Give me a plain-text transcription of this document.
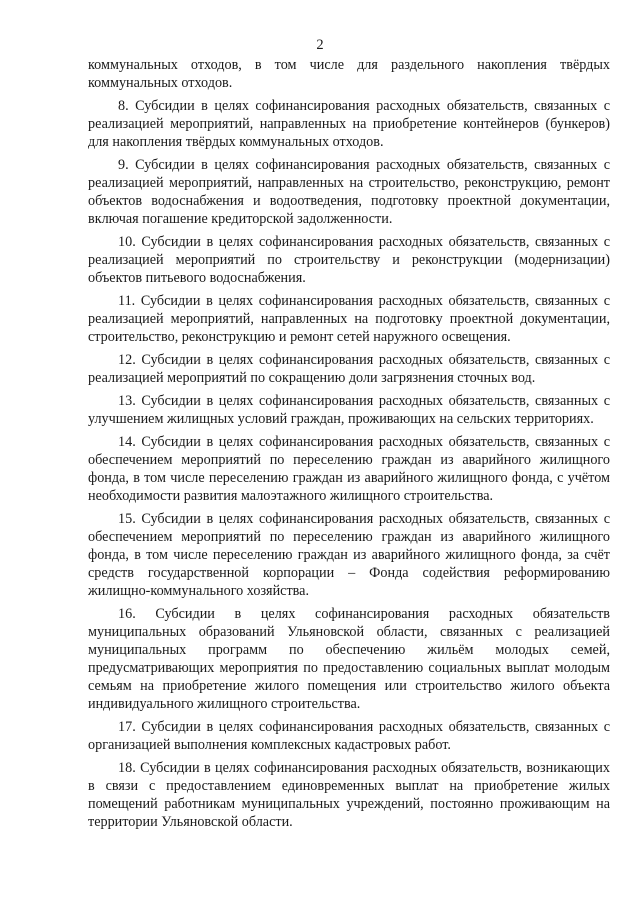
2

коммунальных отходов, в том числе для раздельного накопления твёрдых коммунальных отходов.

8. Субсидии в целях софинансирования расходных обязательств, связанных с реализацией мероприятий, направленных на приобретение контейнеров (бункеров) для накопления твёрдых коммунальных отходов.

9. Субсидии в целях софинансирования расходных обязательств, связанных с реализацией мероприятий, направленных на строительство, реконструкцию, ремонт объектов водоснабжения и водоотведения, подготовку проектной документации, включая погашение кредиторской задолженности.

10. Субсидии в целях софинансирования расходных обязательств, связанных с реализацией мероприятий по строительству и реконструкции (модернизации) объектов питьевого водоснабжения.

11. Субсидии в целях софинансирования расходных обязательств, связанных с реализацией мероприятий, направленных на подготовку проектной документации, строительство, реконструкцию и ремонт сетей наружного освещения.

12. Субсидии в целях софинансирования расходных обязательств, связанных с реализацией мероприятий по сокращению доли загрязнения сточных вод.

13. Субсидии в целях софинансирования расходных обязательств, связанных с улучшением жилищных условий граждан, проживающих на сельских территориях.

14. Субсидии в целях софинансирования расходных обязательств, связанных с обеспечением мероприятий по переселению граждан из аварийного жилищного фонда, в том числе переселению граждан из аварийного жилищного фонда, с учётом необходимости развития малоэтажного жилищного строительства.

15. Субсидии в целях софинансирования расходных обязательств, связанных с обеспечением мероприятий по переселению граждан из аварийного жилищного фонда, в том числе переселению граждан из аварийного жилищного фонда, за счёт средств государственной корпорации – Фонда содействия реформированию жилищно-коммунального хозяйства.

16. Субсидии в целях софинансирования расходных обязательств муниципальных образований Ульяновской области, связанных с реализацией муниципальных программ по обеспечению жильём молодых семей, предусматривающих мероприятия по предоставлению социальных выплат молодым семьям на приобретение жилого помещения или строительство жилого объекта индивидуального жилищного строительства.

17. Субсидии в целях софинансирования расходных обязательств, связанных с организацией выполнения комплексных кадастровых работ.

18. Субсидии в целях софинансирования расходных обязательств, возникающих в связи с предоставлением единовременных выплат на приобретение жилых помещений работникам муниципальных учреждений, постоянно проживающим на территории Ульяновской области.
